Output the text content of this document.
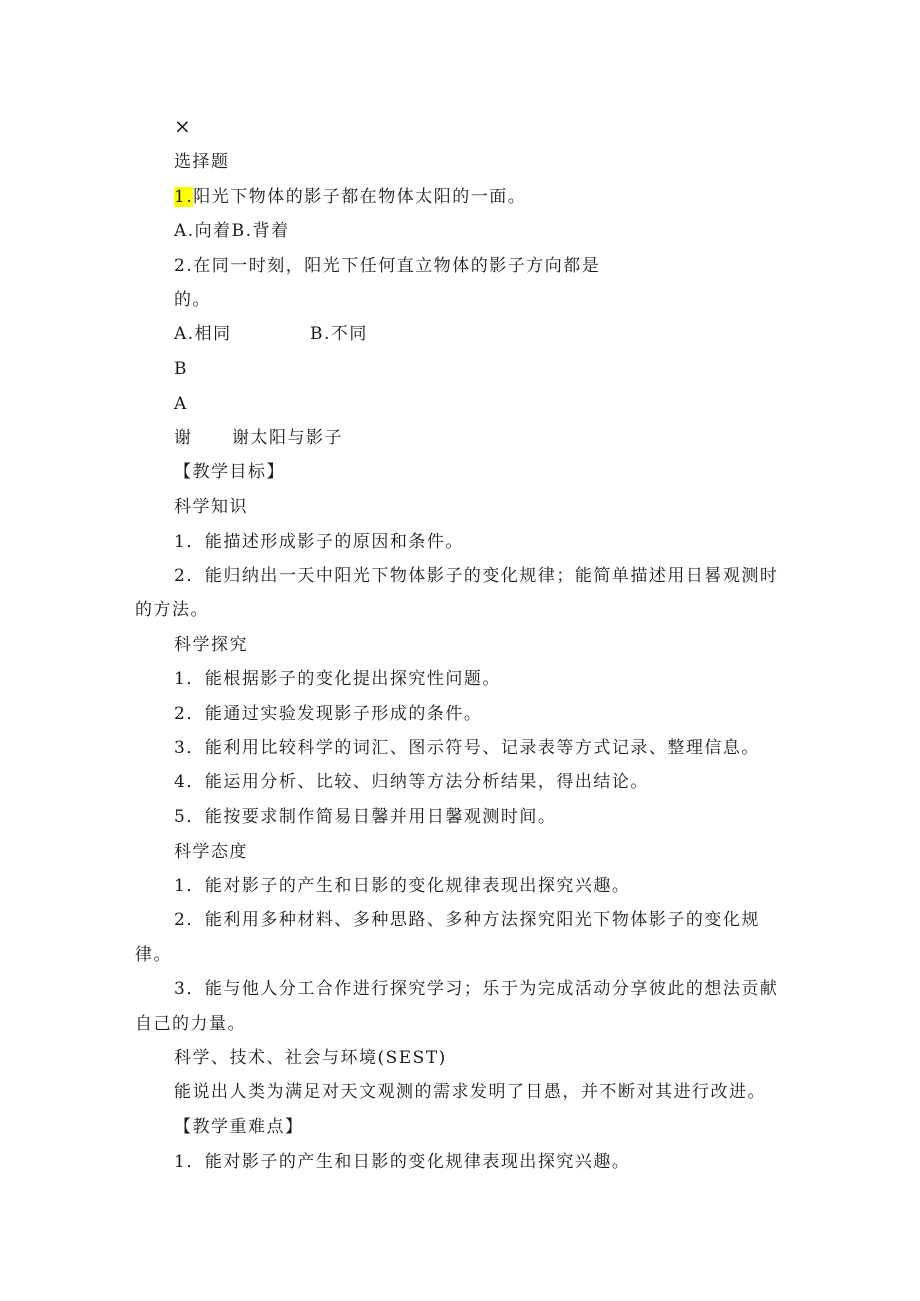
×
选择题
1.阳光下物体的影子都在物体太阳的一面。
A.向着B.背着
2.在同一时刻，阳光下任何直立物体的影子方向都是
的。
A.相同	B.不同
B
A
谢 谢太阳与影子
【教学目标】
科学知识
1．能描述形成影子的原因和条件。
2．能归纳出一天中阳光下物体影子的变化规律；能简单描述用日晷观测时
的方法。
科学探究
1．能根据影子的变化提出探究性问题。
2．能通过实验发现影子形成的条件。
3．能利用比较科学的词汇、图示符号、记录表等方式记录、整理信息。
4．能运用分析、比较、归纳等方法分析结果，得出结论。
5．能按要求制作简易日馨并用日馨观测时间。
科学态度
1．能对影子的产生和日影的变化规律表现出探究兴趣。
2．能利用多种材料、多种思路、多种方法探究阳光下物体影子的变化规
律。
3．能与他人分工合作进行探究学习；乐于为完成活动分享彼此的想法贡献
自己的力量。
科学、技术、社会与环境(SEST)
能说出人类为满足对天文观测的需求发明了日愚，并不断对其进行改进。
【教学重难点】
1．能对影子的产生和日影的变化规律表现出探究兴趣。
